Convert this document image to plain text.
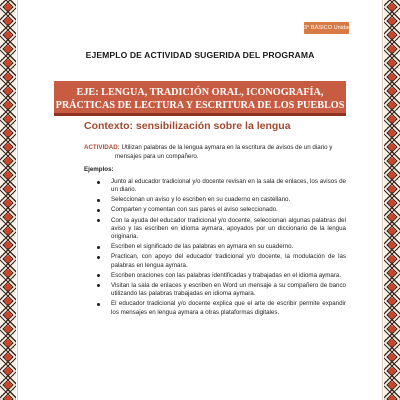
3° BÁSICO Unidad 4
EJEMPLO DE ACTIVIDAD SUGERIDA DEL PROGRAMA
EJE: LENGUA, TRADICIÓN ORAL, ICONOGRAFÍA,
PRÁCTICAS DE LECTURA Y ESCRITURA DE LOS PUEBLOS
Contexto: sensibilización sobre la lengua
ACTIVIDAD: Utilizan palabras de la lengua aymara en la escritura de avisos de un diario y
mensajes para un compañero.
Ejemplos:
Junto al educador tradicional y/o docente revisan en la sala de enlaces, los avisos de un diario.
Seleccionan un aviso y lo escriben en su cuaderno en castellano.
Comparten y comentan con sus pares el aviso seleccionado.
Con la ayuda del educador tradicional y/o docente, seleccionan algunas palabras del aviso y las escriben en idioma aymara, apoyados por un diccionario de la lengua originaria.
Escriben el significado de las palabras en aymara en su cuaderno.
Practican, con apoyo del educador tradicional y/o docente, la modulación de las palabras en lengua aymara.
Escriben oraciones con las palabras identificadas y trabajadas en el idioma aymara.
Visitan la sala de enlaces y escriben en Word un mensaje a su compañero de banco utilizando las palabras trabajadas en idioma aymara.
El educador tradicional y/o docente explica que el arte de escribir permite expandir los mensajes en lengua aymara a otras plataformas digitales.
